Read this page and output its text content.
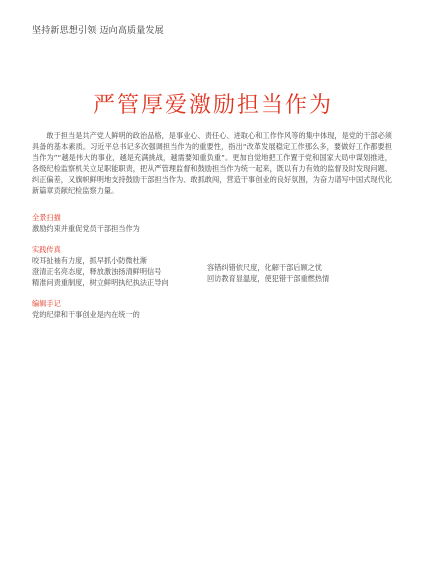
坚持新思想引领 迈向高质量发展
严管厚爱激励担当作为
敢于担当是共产党人鲜明的政治品格，是事业心、责任心、进取心和工作作风等的集中体现，是党的干部必须具备的基本素质。习近平总书记多次强调担当作为的重要性，指出“改革发展稳定工作那么多，要做好工作都要担当作为”“越是伟大的事业，越是充满挑战，越需要知重负重”。更加自觉地把工作置于党和国家大局中谋划推进，各级纪检监察机关立足职能职责，把从严管理监督和鼓励担当作为统一起来，既以有力有效的监督及时发现问题、纠正偏差，又旗帜鲜明地支持鼓励干部担当作为、敢抓敢闯，营造干事创业的良好氛围，为奋力谱写中国式现代化新篇章贡献纪检监察力量。
全景扫描
激励约束并重促党员干部担当作为
实践传真
咬耳扯袖有力度，抓早抓小防微杜渐
澄清正名亮态度，释放激浊扬清鲜明信号
精准问责重制度，树立鲜明执纪执法正导向
容错纠错依尺度，化解干部后顾之忧
回访教育显温度，使犯错干部重燃热情
编辑手记
党的纪律和干事创业是内在统一的
